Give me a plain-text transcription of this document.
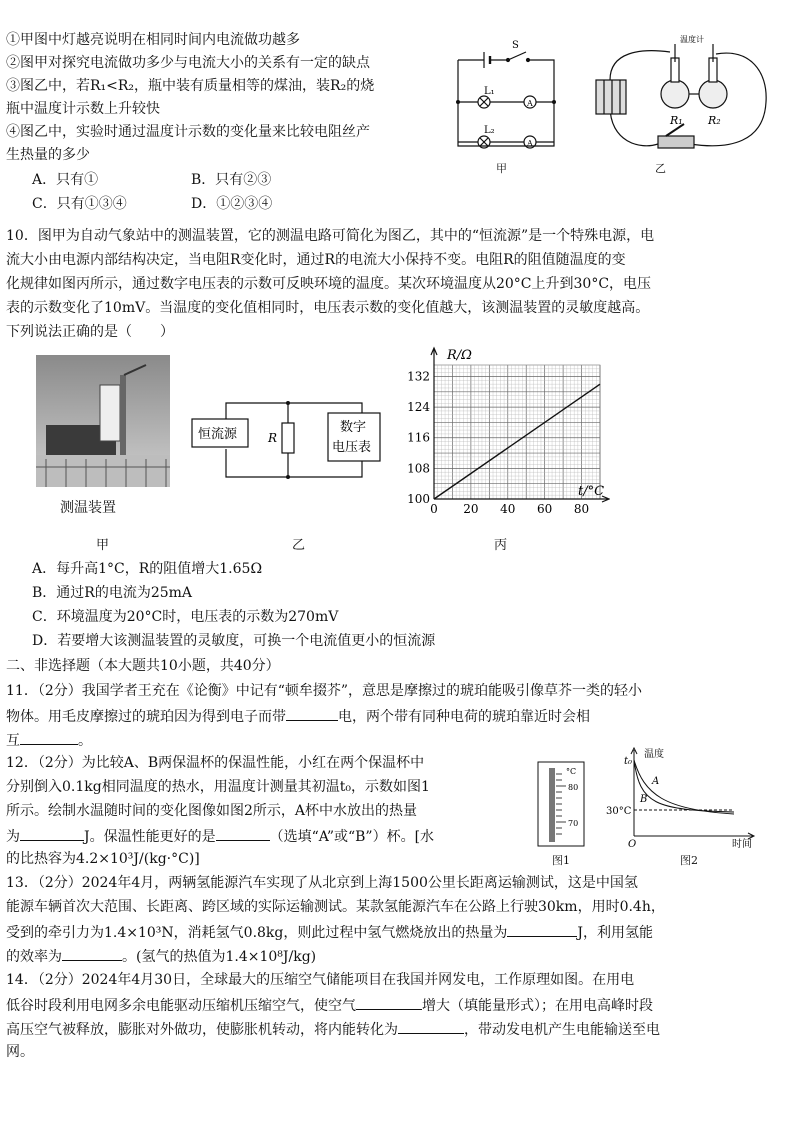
①甲图中灯越亮说明在相同时间内电流做功越多
②图甲对探究电流做功多少与电流大小的关系有一定的缺点
③图乙中，若R₁<R₂，瓶中装有质量相等的煤油，装R₂的烧
瓶中温度计示数上升较快
④图乙中，实验时通过温度计示数的变化量来比较电阻丝产
生热量的多少
A．只有①	B．只有②③
C．只有①③④	D．①②③④
S
L₁
L₂
A
A
甲
温度计
R₁ R₂
乙
10．图甲为自动气象站中的测温装置，它的测温电路可简化为图乙，其中的“恒流源”是一个特殊电源，电
流大小由电源内部结构决定，当电阻R变化时，通过R的电流大小保持不变。电阻R的阻值随温度的变
化规律如图丙所示，通过数字电压表的示数可反映环境的温度。某次环境温度从20°C上升到30°C，电压
表的示数变化了10mV。当温度的变化值相同时，电压表示数的变化值越大，该测温装置的灵敏度越高。
下列说法正确的是（　　）
测温装置
甲
恒流源	R
数字
电压表
乙
0 20 40 60 80
100
108
116
124
132
R/Ω
t/°C
丙
A．每升高1°C，R的阻值增大1.65Ω
B．通过R的电流为25mA
C．环境温度为20°C时，电压表的示数为270mV
D．若要增大该测温装置的灵敏度，可换一个电流值更小的恒流源
二、非选择题（本大题共10小题，共40分）
11．（2分）我国学者王充在《论衡》中记有“顿牟掇芥”，意思是摩擦过的琥珀能吸引像草芥一类的轻小
物体。用毛皮摩擦过的琥珀因为得到电子而带	电，两个带有同种电荷的琥珀靠近时会相
互	。
12．（2分）为比较A、B两保温杯的保温性能，小红在两个保温杯中
分别倒入0.1kg相同温度的热水，用温度计测量其初温t₀，示数如图1
所示。绘制水温随时间的变化图像如图2所示，A杯中水放出的热量
为	J。保温性能更好的是	（选填“A”或“B”）杯。[水
的比热容为4.2×10³J/(kg·°C)]
°C
80
70
图1
温度
t₀
A
B
30°C
O	时间
图2
13．（2分）2024年4月，两辆氢能源汽车实现了从北京到上海1500公里长距离运输测试，这是中国氢
能源车辆首次大范围、长距离、跨区域的实际运输测试。某款氢能源汽车在公路上行驶30km，用时0.4h，
受到的牵引力为1.4×10³N，消耗氢气0.8kg，则此过程中氢气燃烧放出的热量为	J，利用氢能
的效率为	。(氢气的热值为1.4×10⁸J/kg)
14．（2分）2024年4月30日，全球最大的压缩空气储能项目在我国并网发电，工作原理如图。在用电
低谷时段利用电网多余电能驱动压缩机压缩空气，使空气	增大（填能量形式）；在用电高峰时段
高压空气被释放，膨胀对外做功，使膨胀机转动，将内能转化为	，带动发电机产生电能输送至电
网。
